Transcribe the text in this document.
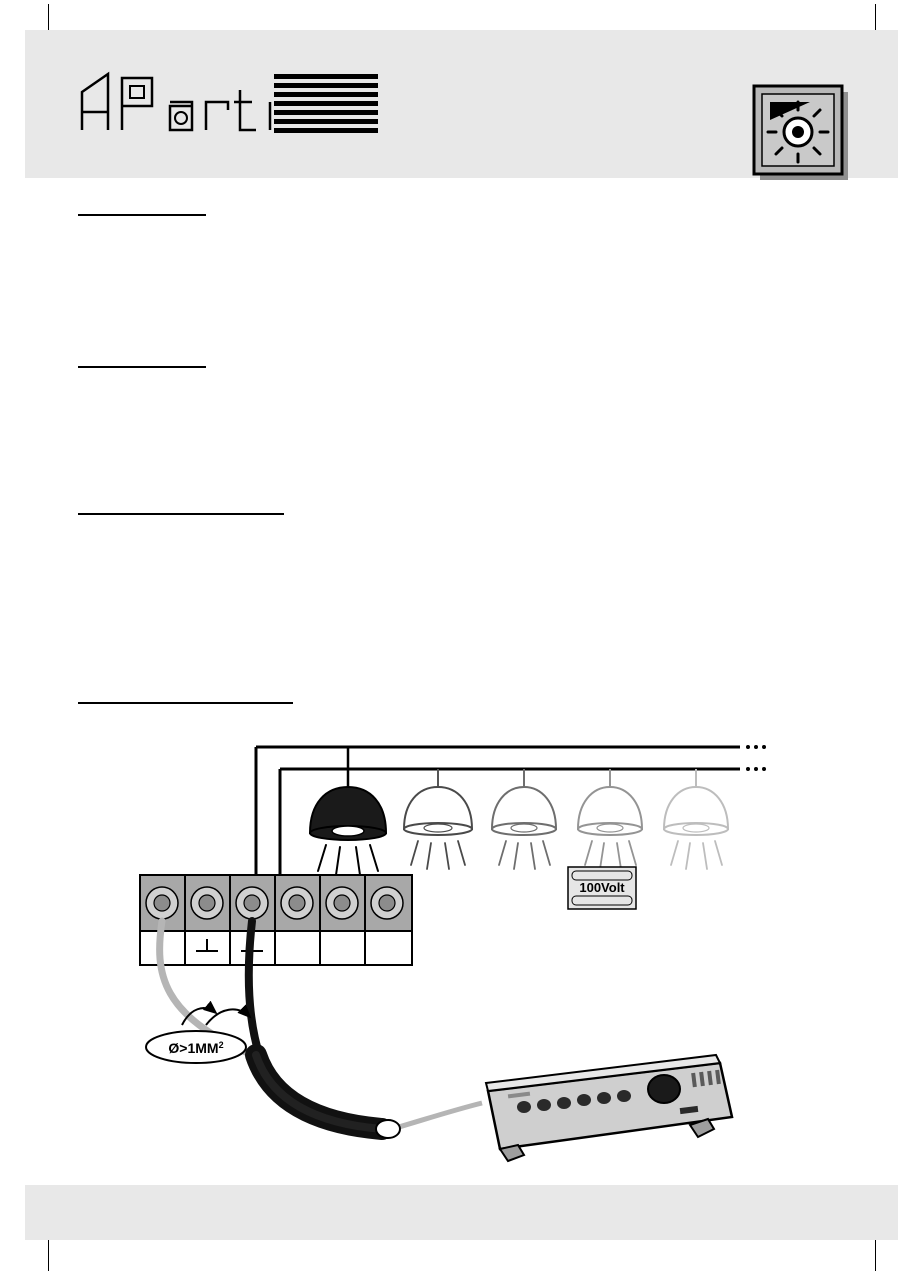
APart
100Volt
$Ø>1MM^2$
